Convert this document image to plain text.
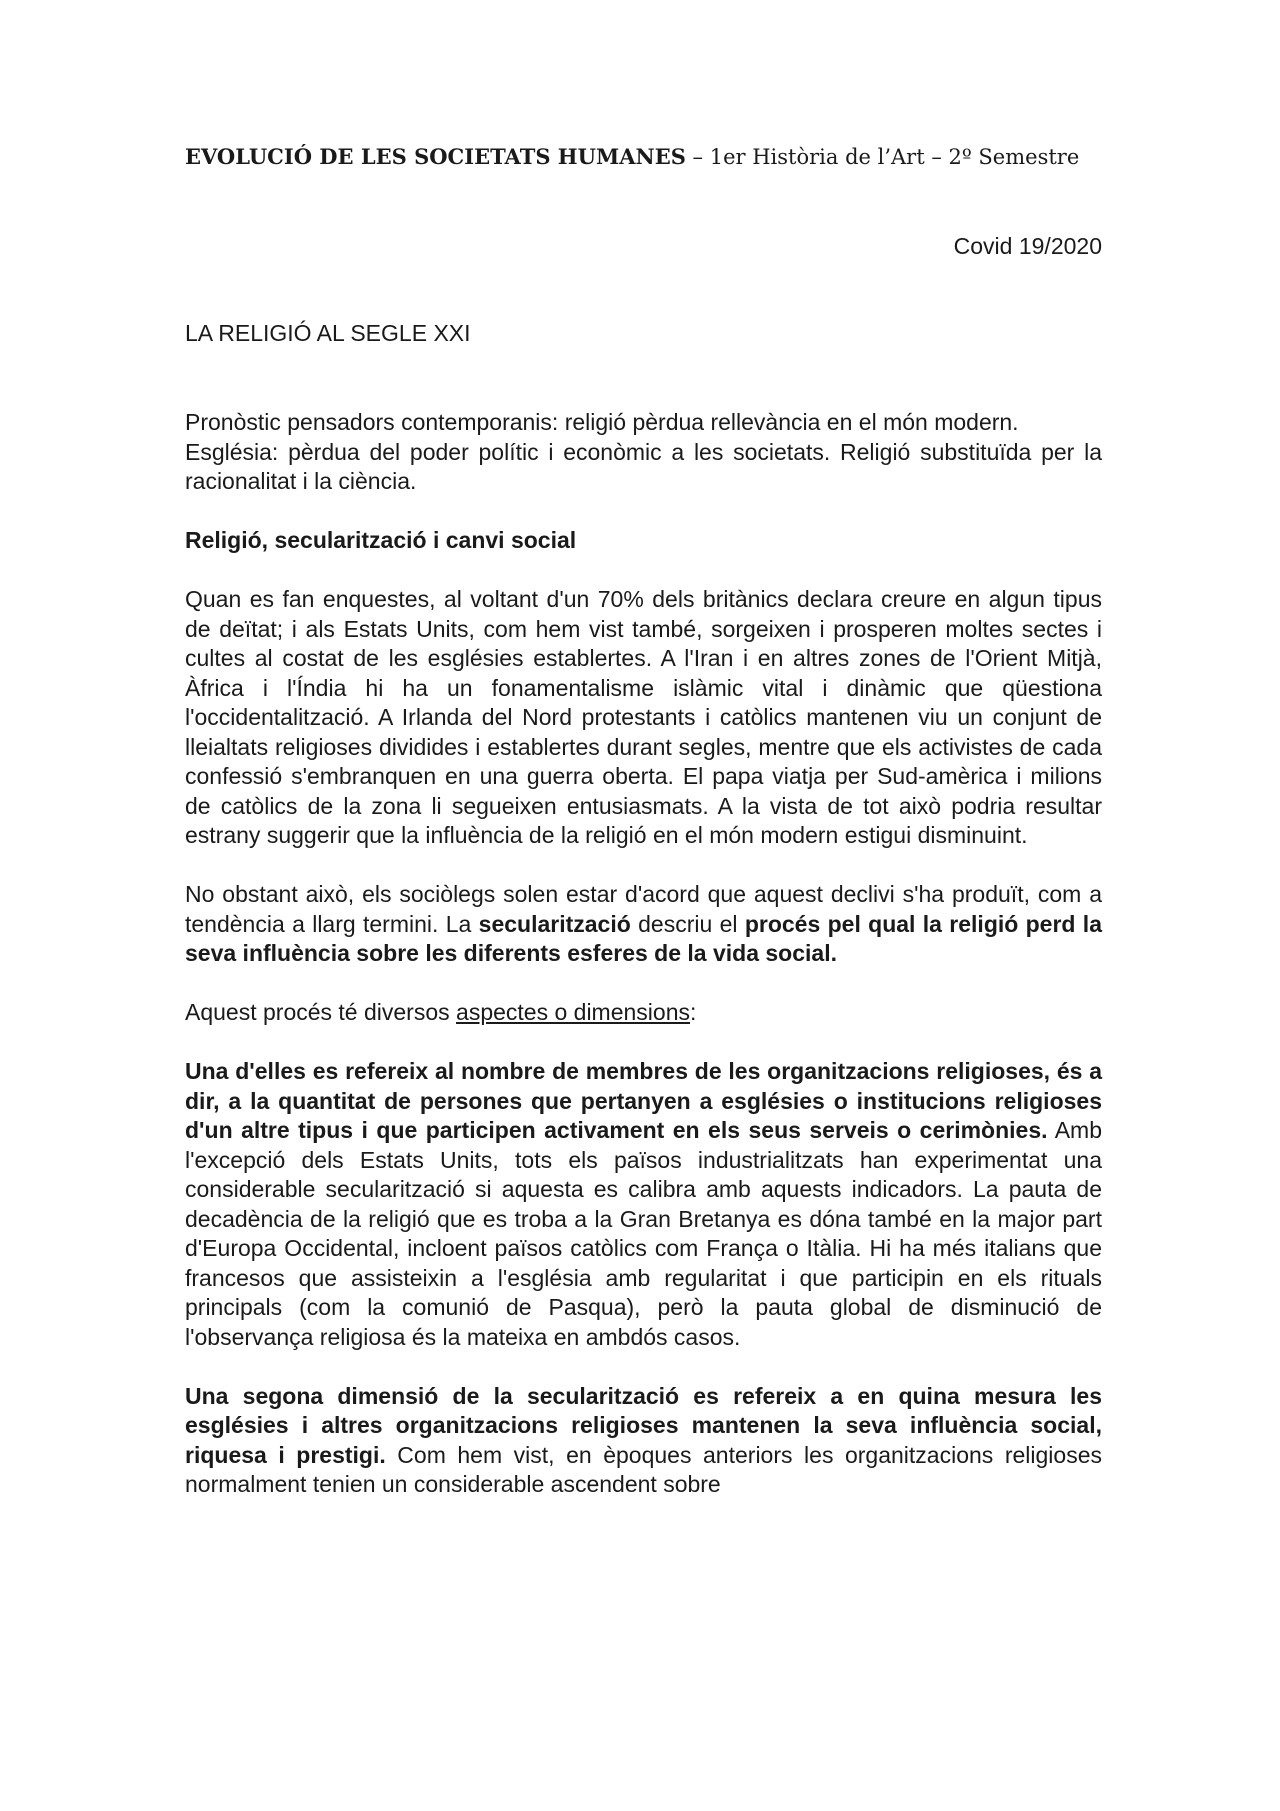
EVOLUCIÓ DE LES SOCIETATS HUMANES – 1er Història de l’Art – 2º Semestre

Covid 19/2020

LA RELIGIÓ AL SEGLE XXI

Pronòstic pensadors contemporanis: religió pèrdua rellevància en el món modern.

Església: pèrdua del poder polític i econòmic a les societats. Religió substituïda per la racionalitat i la ciència.

Religió, secularització i canvi social

Quan es fan enquestes, al voltant d'un 70% dels britànics declara creure en algun tipus de deïtat; i als Estats Units, com hem vist també, sorgeixen i prosperen moltes sectes i cultes al costat de les esglésies establertes. A l'Iran i en altres zones de l'Orient Mitjà, Àfrica i l'Índia hi ha un fonamentalisme islàmic vital i dinàmic que qüestiona l'occidentalització. A Irlanda del Nord protestants i catòlics mantenen viu un conjunt de lleialtats religioses dividides i establertes durant segles, mentre que els activistes de cada confessió s'embranquen en una guerra oberta. El papa viatja per Sud-amèrica i milions de catòlics de la zona li segueixen entusiasmats. A la vista de tot això podria resultar estrany suggerir que la influència de la religió en el món modern estigui disminuint.

No obstant això, els sociòlegs solen estar d'acord que aquest declivi s'ha produït, com a tendència a llarg termini. La secularització descriu el procés pel qual la religió perd la seva influència sobre les diferents esferes de la vida social.

Aquest procés té diversos aspectes o dimensions:

Una d'elles es refereix al nombre de membres de les organitzacions religioses, és a dir, a la quantitat de persones que pertanyen a esglésies o institucions religioses d'un altre tipus i que participen activament en els seus serveis o cerimònies. Amb l'excepció dels Estats Units, tots els països industrialitzats han experimentat una considerable secularització si aquesta es calibra amb aquests indicadors. La pauta de decadència de la religió que es troba a la Gran Bretanya es dóna també en la major part d'Europa Occidental, incloent països catòlics com França o Itàlia. Hi ha més italians que francesos que assisteixin a l'església amb regularitat i que participin en els rituals principals (com la comunió de Pasqua), però la pauta global de disminució de l'observança religiosa és la mateixa en ambdós casos.

Una segona dimensió de la secularització es refereix a en quina mesura les esglésies i altres organitzacions religioses mantenen la seva influència social, riquesa i prestigi. Com hem vist, en èpoques anteriors les organitzacions religioses normalment tenien un considerable ascendent sobre
